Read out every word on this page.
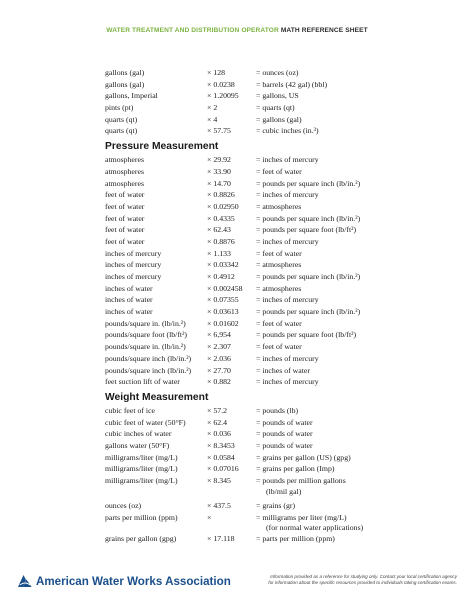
WATER TREATMENT AND DISTRIBUTION OPERATOR MATH REFERENCE SHEET
gallons (gal)	× 128	= ounces (oz)
gallons (gal)	× 0.0238	= barrels (42 gal) (bbl)
gallons, Imperial	× 1.20095 = gallons, US
pints (pt)	× 2	= quarts (qt)
quarts (qt)	× 4	= gallons (gal)
quarts (qt)	× 57.75	= cubic inches (in.³)
Pressure Measurement
atmospheres	× 29.92	= inches of mercury
atmospheres	× 33.90	= feet of water
atmospheres	× 14.70	= pounds per square inch (lb/in.²)
feet of water	× 0.8826	= inches of mercury
feet of water	× 0.02950 = atmospheres
feet of water	× 0.4335	= pounds per square inch (lb/in.²)
feet of water	× 62.43	= pounds per square foot (lb/ft²)
feet of water	× 0.8876	= inches of mercury
inches of mercury	× 1.133	= feet of water
inches of mercury	× 0.03342 = atmospheres
inches of mercury	× 0.4912	= pounds per square inch (lb/in.²)
inches of water	× 0.002458 = atmospheres
inches of water	× 0.07355 = inches of mercury
inches of water	× 0.03613 = pounds per square inch (lb/in.²)
pounds/square in. (lb/in.²)	× 0.01602 = feet of water
pounds/square foot (lb/ft²)	× 6,954	= pounds per square foot (lb/ft²)
pounds/square in. (lb/in.²)	× 2.307	= feet of water
pounds/square inch (lb/in.²) × 2.036	= inches of mercury
pounds/square inch (lb/in.²) × 27.70	= inches of water
feet suction lift of water	× 0.882	= inches of mercury
Weight Measurement
cubic feet of ice	× 57.2	= pounds (lb)
cubic feet of water (50°F)	× 62.4	= pounds of water
cubic inches of water	× 0.036	= pounds of water
gallons water (50°F)	× 8.3453	= pounds of water
milligrams/liter (mg/L)	× 0.0584	= grains per gallon (US) (gpg)
milligrams/liter (mg/L)	× 0.07016 = grains per gallon (Imp)
milligrams/liter (mg/L)	× 8.345	= pounds per million gallons
(lb/mil gal)
ounces (oz)	× 437.5	= grains (gr)
parts per million (ppm)	×	= milligrams per liter (mg/L)
(for normal water applications)
grains per gallon (gpg)	× 17.118	= parts per million (ppm)
American Water Works Association	Information provided as a reference for studying only. Contact your local certification agency
for information about the specific resources provided to individuals taking certification exams.
